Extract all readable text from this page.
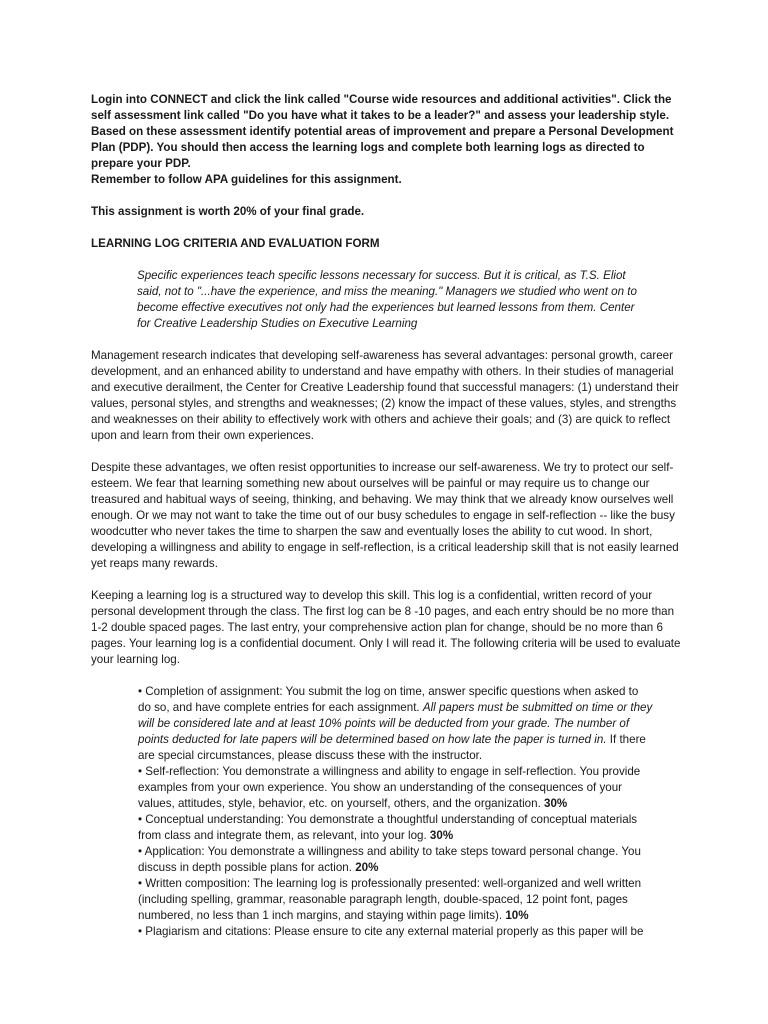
Login into CONNECT and click the link called "Course wide resources and additional activities". Click the self assessment link called "Do you have what it takes to be a leader?" and assess your leadership style.

Based on these assessment identify potential areas of improvement and prepare a Personal Development Plan (PDP). You should then access the learning logs and complete both learning logs as directed to prepare your PDP.

Remember to follow APA guidelines for this assignment.

This assignment is worth 20% of your final grade.

LEARNING LOG CRITERIA AND EVALUATION FORM

Specific experiences teach specific lessons necessary for success. But it is critical, as T.S. Eliot said, not to "...have the experience, and miss the meaning." Managers we studied who went on to become effective executives not only had the experiences but learned lessons from them. Center for Creative Leadership Studies on Executive Learning

Management research indicates that developing self-awareness has several advantages: personal growth, career development, and an enhanced ability to understand and have empathy with others. In their studies of managerial and executive derailment, the Center for Creative Leadership found that successful managers: (1) understand their values, personal styles, and strengths and weaknesses; (2) know the impact of these values, styles, and strengths and weaknesses on their ability to effectively work with others and achieve their goals; and (3) are quick to reflect upon and learn from their own experiences.

Despite these advantages, we often resist opportunities to increase our self-awareness. We try to protect our self-esteem. We fear that learning something new about ourselves will be painful or may require us to change our treasured and habitual ways of seeing, thinking, and behaving. We may think that we already know ourselves well enough. Or we may not want to take the time out of our busy schedules to engage in self-reflection -- like the busy woodcutter who never takes the time to sharpen the saw and eventually loses the ability to cut wood. In short, developing a willingness and ability to engage in self-reflection, is a critical leadership skill that is not easily learned yet reaps many rewards.

Keeping a learning log is a structured way to develop this skill. This log is a confidential, written record of your personal development through the class. The first log can be 8 -10 pages, and each entry should be no more than 1-2 double spaced pages. The last entry, your comprehensive action plan for change, should be no more than 6 pages. Your learning log is a confidential document. Only I will read it. The following criteria will be used to evaluate your learning log.

• Completion of assignment: You submit the log on time, answer specific questions when asked to do so, and have complete entries for each assignment. All papers must be submitted on time or they will be considered late and at least 10% points will be deducted from your grade. The number of points deducted for late papers will be determined based on how late the paper is turned in. If there are special circumstances, please discuss these with the instructor.
• Self-reflection: You demonstrate a willingness and ability to engage in self-reflection. You provide examples from your own experience. You show an understanding of the consequences of your values, attitudes, style, behavior, etc. on yourself, others, and the organization. 30%
• Conceptual understanding: You demonstrate a thoughtful understanding of conceptual materials from class and integrate them, as relevant, into your log. 30%
• Application: You demonstrate a willingness and ability to take steps toward personal change. You discuss in depth possible plans for action. 20%
• Written composition: The learning log is professionally presented: well-organized and well written (including spelling, grammar, reasonable paragraph length, double-spaced, 12 point font, pages numbered, no less than 1 inch margins, and staying within page limits). 10%
• Plagiarism and citations: Please ensure to cite any external material properly as this paper will be
